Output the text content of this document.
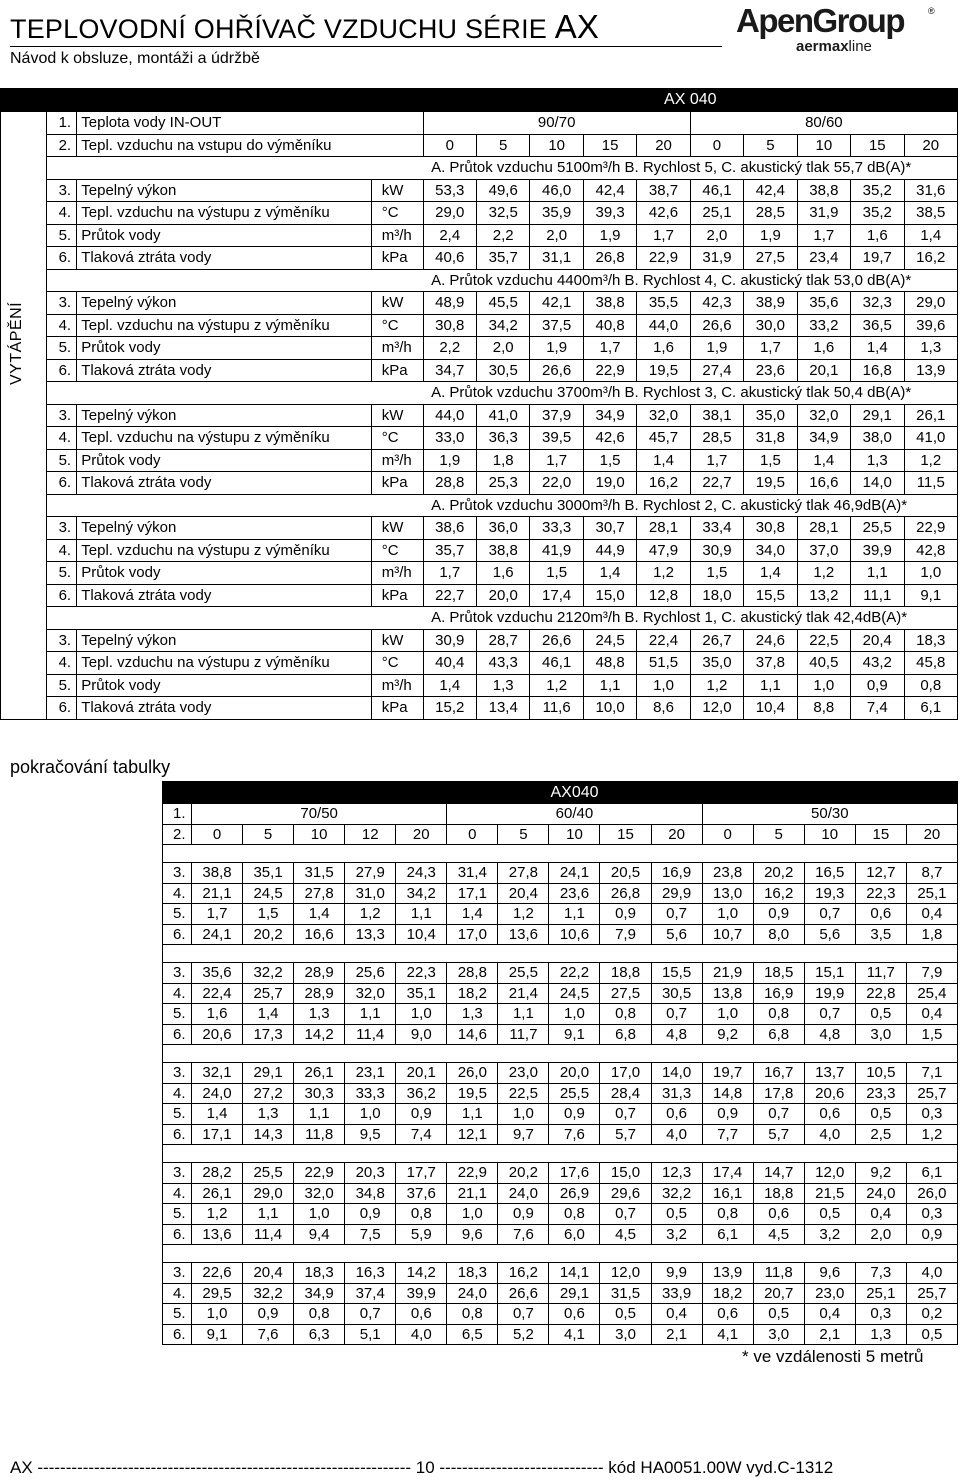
TEPLOVODNÍ OHŘÍVAČ VZDUCHU SÉRIE AX
Návod k obsluze, montáži a údržbě
ApenGroup	®
aermaxline
				AX 040									
	1.	Teplota vody IN-OUT		90/70					80/60				
	2.	Tepl. vzduchu na vstupu do výměníku		0	5	10	15	20	0	5	10	15	20
				A. Průtok vzduchu 5100m³/h B. Rychlost 5, C. akustický tlak 55,7 dB(A)*									
	3.	Tepelný výkon	kW	53,3	49,6	46,0	42,4	38,7	46,1	42,4	38,8	35,2	31,6
	4.	Tepl. vzduchu na výstupu z výměníku	°C	29,0	32,5	35,9	39,3	42,6	25,1	28,5	31,9	35,2	38,5
	5.	Průtok vody	m³/h	2,4	2,2	2,0	1,9	1,7	2,0	1,9	1,7	1,6	1,4
	6.	Tlaková ztráta vody	kPa	40,6	35,7	31,1	26,8	22,9	31,9	27,5	23,4	19,7	16,2
				A. Průtok vzduchu 4400m³/h B. Rychlost 4, C. akustický tlak 53,0 dB(A)*									
	3.	Tepelný výkon	kW	48,9	45,5	42,1	38,8	35,5	42,3	38,9	35,6	32,3	29,0
	4.	Tepl. vzduchu na výstupu z výměníku	°C	30,8	34,2	37,5	40,8	44,0	26,6	30,0	33,2	36,5	39,6
	5.	Průtok vody	m³/h	2,2	2,0	1,9	1,7	1,6	1,9	1,7	1,6	1,4	1,3
	6.	Tlaková ztráta vody	kPa	34,7	30,5	26,6	22,9	19,5	27,4	23,6	20,1	16,8	13,9
				A. Průtok vzduchu 3700m³/h B. Rychlost 3, C. akustický tlak 50,4 dB(A)*									
	3.	Tepelný výkon	kW	44,0	41,0	37,9	34,9	32,0	38,1	35,0	32,0	29,1	26,1
	4.	Tepl. vzduchu na výstupu z výměníku	°C	33,0	36,3	39,5	42,6	45,7	28,5	31,8	34,9	38,0	41,0
	5.	Průtok vody	m³/h	1,9	1,8	1,7	1,5	1,4	1,7	1,5	1,4	1,3	1,2
	6.	Tlaková ztráta vody	kPa	28,8	25,3	22,0	19,0	16,2	22,7	19,5	16,6	14,0	11,5
				A. Průtok vzduchu 3000m³/h B. Rychlost 2, C. akustický tlak 46,9dB(A)*									
	3.	Tepelný výkon	kW	38,6	36,0	33,3	30,7	28,1	33,4	30,8	28,1	25,5	22,9
	4.	Tepl. vzduchu na výstupu z výměníku	°C	35,7	38,8	41,9	44,9	47,9	30,9	34,0	37,0	39,9	42,8
	5.	Průtok vody	m³/h	1,7	1,6	1,5	1,4	1,2	1,5	1,4	1,2	1,1	1,0
	6.	Tlaková ztráta vody	kPa	22,7	20,0	17,4	15,0	12,8	18,0	15,5	13,2	11,1	9,1
				A. Průtok vzduchu 2120m³/h B. Rychlost 1, C. akustický tlak 42,4dB(A)*									
	3.	Tepelný výkon	kW	30,9	28,7	26,6	24,5	22,4	26,7	24,6	22,5	20,4	18,3
	4.	Tepl. vzduchu na výstupu z výměníku	°C	40,4	43,3	46,1	48,8	51,5	35,0	37,8	40,5	43,2	45,8
	5.	Průtok vody	m³/h	1,4	1,3	1,2	1,1	1,0	1,2	1,1	1,0	0,9	0,8
	6.	Tlaková ztráta vody	kPa	15,2	13,4	11,6	10,0	8,6	12,0	10,4	8,8	7,4	6,1
VYTÁPĚNÍ
pokračování tabulky
	AX040														
1.	70/50					60/40					50/30				
2.	0	5	10	12	20	0	5	10	15	20	0	5	10	15	20

3.	38,8	35,1	31,5	27,9	24,3	31,4	27,8	24,1	20,5	16,9	23,8	20,2	16,5	12,7	8,7
4.	21,1	24,5	27,8	31,0	34,2	17,1	20,4	23,6	26,8	29,9	13,0	16,2	19,3	22,3	25,1
5.	1,7	1,5	1,4	1,2	1,1	1,4	1,2	1,1	0,9	0,7	1,0	0,9	0,7	0,6	0,4
6.	24,1	20,2	16,6	13,3	10,4	17,0	13,6	10,6	7,9	5,6	10,7	8,0	5,6	3,5	1,8

3.	35,6	32,2	28,9	25,6	22,3	28,8	25,5	22,2	18,8	15,5	21,9	18,5	15,1	11,7	7,9
4.	22,4	25,7	28,9	32,0	35,1	18,2	21,4	24,5	27,5	30,5	13,8	16,9	19,9	22,8	25,4
5.	1,6	1,4	1,3	1,1	1,0	1,3	1,1	1,0	0,8	0,7	1,0	0,8	0,7	0,5	0,4
6.	20,6	17,3	14,2	11,4	9,0	14,6	11,7	9,1	6,8	4,8	9,2	6,8	4,8	3,0	1,5

3.	32,1	29,1	26,1	23,1	20,1	26,0	23,0	20,0	17,0	14,0	19,7	16,7	13,7	10,5	7,1
4.	24,0	27,2	30,3	33,3	36,2	19,5	22,5	25,5	28,4	31,3	14,8	17,8	20,6	23,3	25,7
5.	1,4	1,3	1,1	1,0	0,9	1,1	1,0	0,9	0,7	0,6	0,9	0,7	0,6	0,5	0,3
6.	17,1	14,3	11,8	9,5	7,4	12,1	9,7	7,6	5,7	4,0	7,7	5,7	4,0	2,5	1,2

3.	28,2	25,5	22,9	20,3	17,7	22,9	20,2	17,6	15,0	12,3	17,4	14,7	12,0	9,2	6,1
4.	26,1	29,0	32,0	34,8	37,6	21,1	24,0	26,9	29,6	32,2	16,1	18,8	21,5	24,0	26,0
5.	1,2	1,1	1,0	0,9	0,8	1,0	0,9	0,8	0,7	0,5	0,8	0,6	0,5	0,4	0,3
6.	13,6	11,4	9,4	7,5	5,9	9,6	7,6	6,0	4,5	3,2	6,1	4,5	3,2	2,0	0,9

3.	22,6	20,4	18,3	16,3	14,2	18,3	16,2	14,1	12,0	9,9	13,9	11,8	9,6	7,3	4,0
4.	29,5	32,2	34,9	37,4	39,9	24,0	26,6	29,1	31,5	33,9	18,2	20,7	23,0	25,1	25,7
5.	1,0	0,9	0,8	0,7	0,6	0,8	0,7	0,6	0,5	0,4	0,6	0,5	0,4	0,3	0,2
6.	9,1	7,6	6,3	5,1	4,0	6,5	5,2	4,1	3,0	2,1	4,1	3,0	2,1	1,3	0,5
* ve vzdálenosti 5 metrů
AX ------------------------------------------------------------------ 10 ----------------------------- kód HA0051.00W vyd.C-1312
